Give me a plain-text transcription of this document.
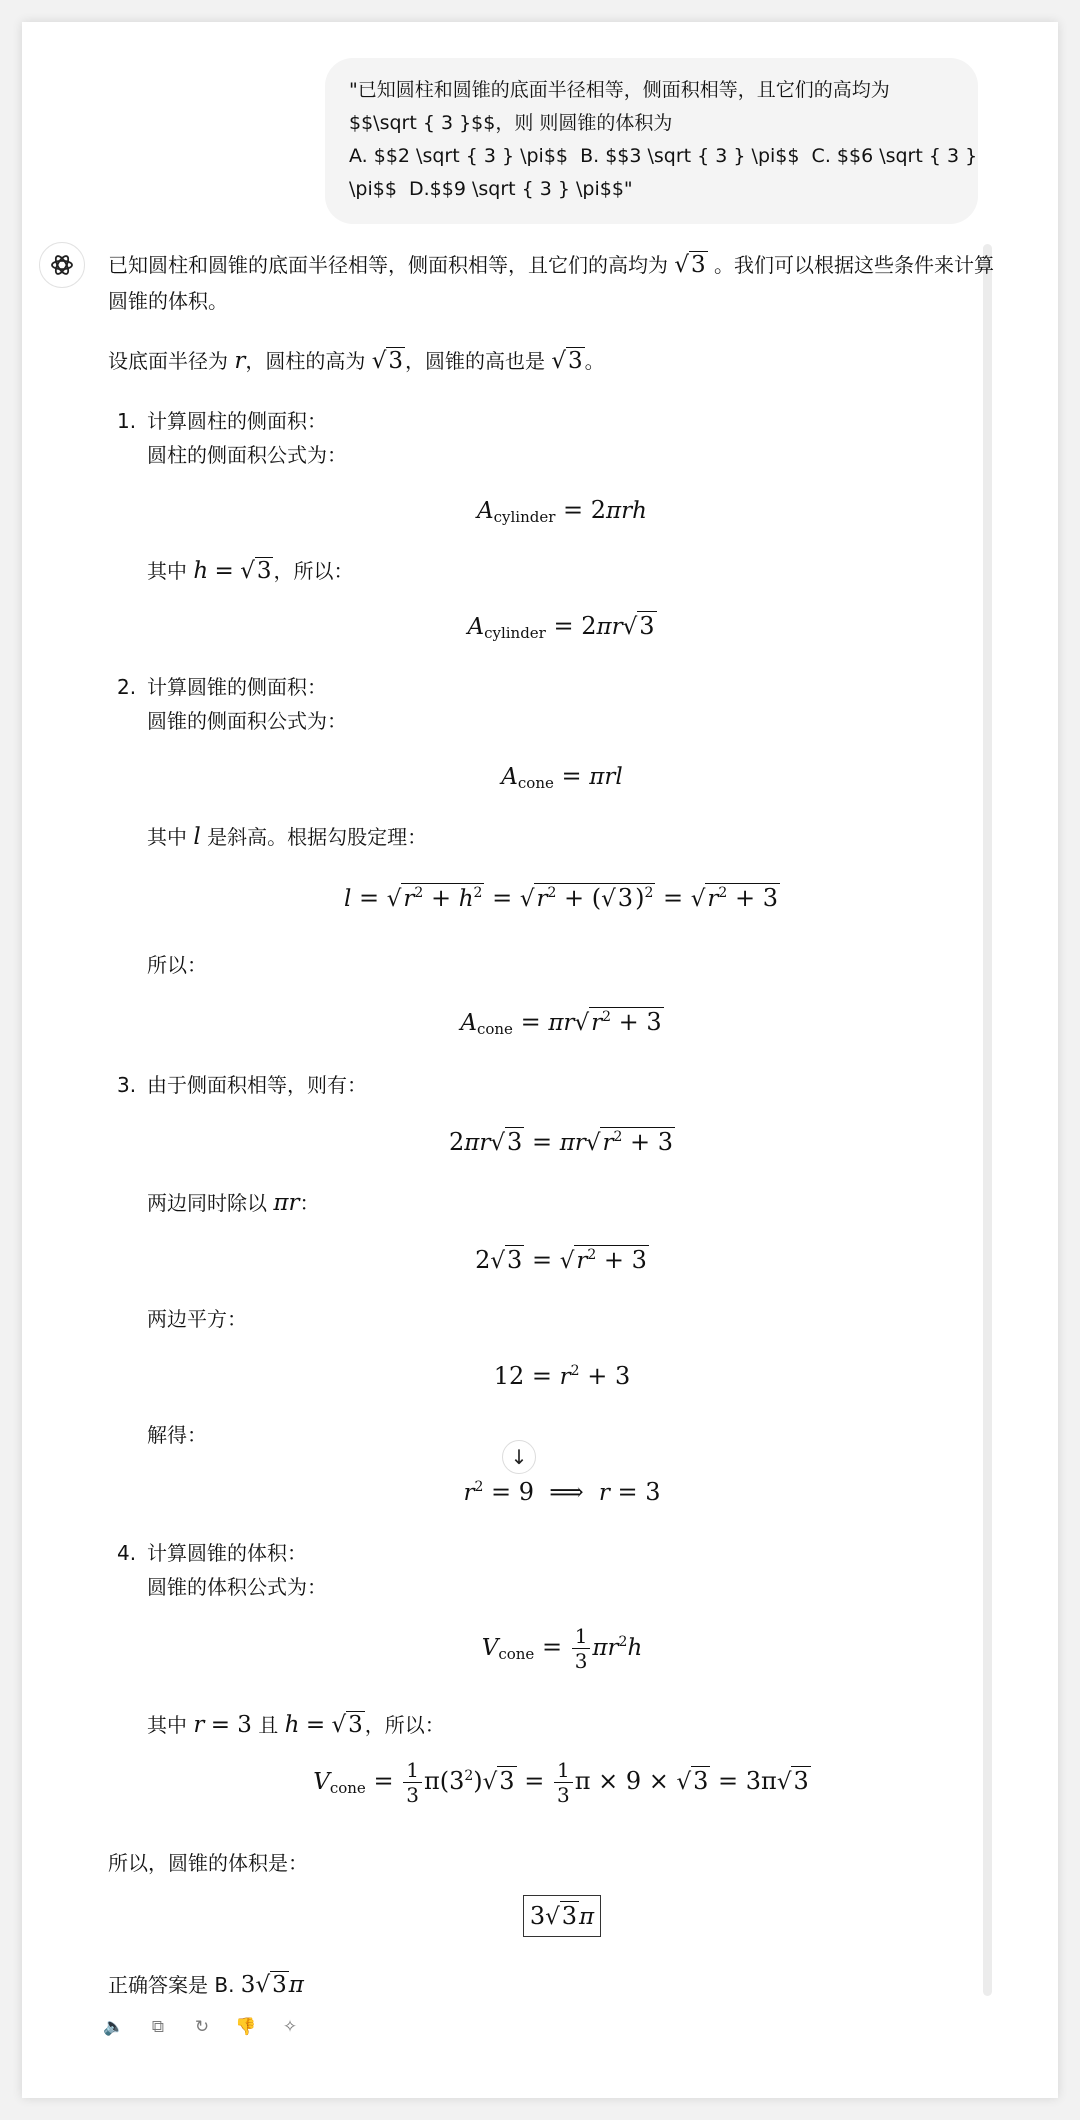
"已知圆柱和圆锥的底面半径相等，侧面积相等，且它们的高均为
$$\sqrt { 3 }$$，则 则圆锥的体积为
A. $$2 \sqrt { 3 } \pi$$  B. $$3 \sqrt { 3 } \pi$$  C. $$6 \sqrt { 3 }
\pi$$  D.$$9 \sqrt { 3 } \pi$$"
已知圆柱和圆锥的底面半径相等，侧面积相等，且它们的高均为 √3 。我们可以根据这些条件来计算
圆锥的体积。
设底面半径为 r，圆柱的高为 √3 ，圆锥的高也是 √3 。
1. 计算圆柱的侧面积：
圆柱的侧面积公式为：
Acylinder = 2πrh
其中 h = √3 ，所以：
Acylinder = 2πr√3
2. 计算圆锥的侧面积：
圆锥的侧面积公式为：
Acone = πrl
其中 l 是斜高。根据勾股定理：
$l = √r^2 + h^2 = √r^2 + (√3)^2 = √r^2 + 3$
所以：
Acone = $\pi r√r^2 + 3$
3. 由于侧面积相等，则有：
$2\pi r√3 = \pi r√r^2 + 3$
两边同时除以 πr：
$2√3 = √r^2 + 3$
两边平方：
$12 = r^2 + 3$
解得：
↓
$r^2 = 9$  ⟹  r = 3
4. 计算圆锥的体积：
圆锥的体积公式为：
Vcone = $\frac{1}{3} \pi r^2h$
其中 r = 3 且 h = √3 ，所以：
Vcone = $\frac{1}{3} \pi(3^2)√3 = \frac{1}{3}$ π × 9 × √3 = 3π√3
所以，圆锥的体积是：
3√3π
正确答案是 B. 3√3π
🔈	⧉	↻ 👎 ✧
